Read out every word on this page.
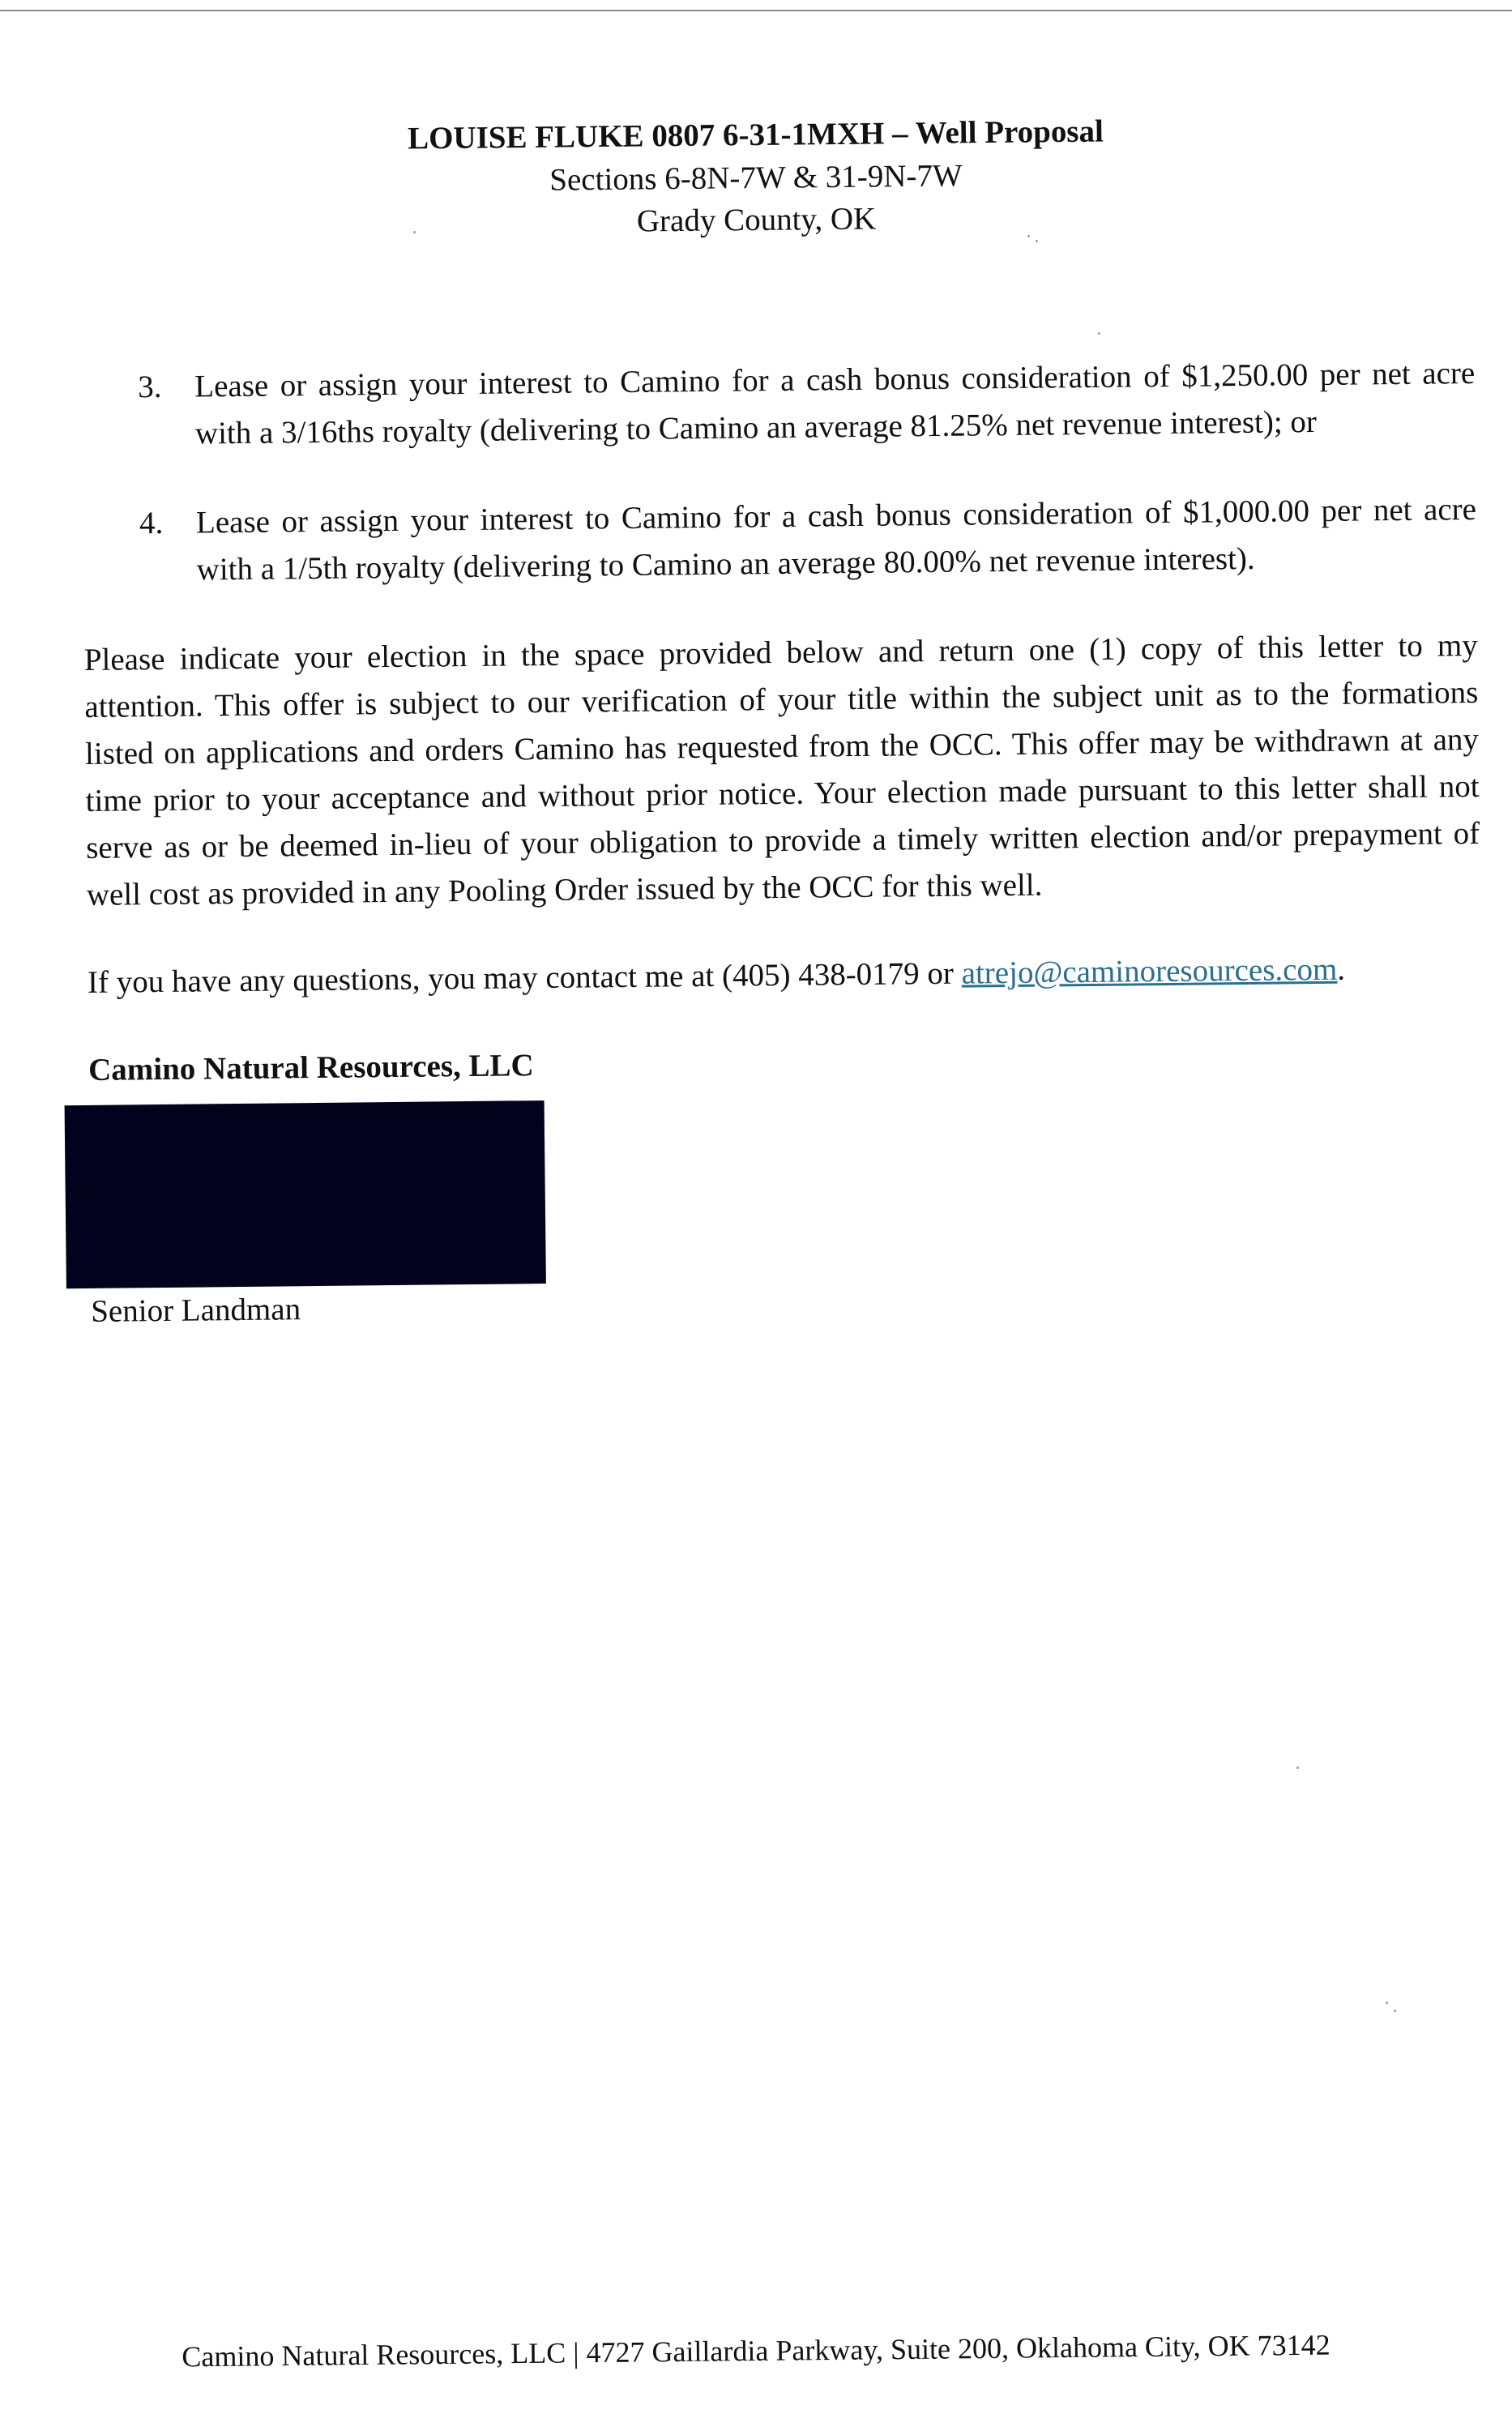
LOUISE FLUKE 0807 6-31-1MXH – Well Proposal
Sections 6-8N-7W & 31-9N-7W
Grady County, OK
3. Lease or assign your interest to Camino for a cash bonus consideration of $1,250.00 per net acre with a 3/16ths royalty (delivering to Camino an average 81.25% net revenue interest); or
4. Lease or assign your interest to Camino for a cash bonus consideration of $1,000.00 per net acre with a 1/5th royalty (delivering to Camino an average 80.00% net revenue interest).
Please indicate your election in the space provided below and return one (1) copy of this letter to my attention. This offer is subject to our verification of your title within the subject unit as to the formations listed on applications and orders Camino has requested from the OCC. This offer may be withdrawn at any time prior to your acceptance and without prior notice. Your election made pursuant to this letter shall not serve as or be deemed in-lieu of your obligation to provide a timely written election and/or prepayment of well cost as provided in any Pooling Order issued by the OCC for this well.
If you have any questions, you may contact me at (405) 438-0179 or atrejo@caminoresources.com.
Camino Natural Resources, LLC
Senior Landman
Camino Natural Resources, LLC | 4727 Gaillardia Parkway, Suite 200, Oklahoma City, OK 73142
